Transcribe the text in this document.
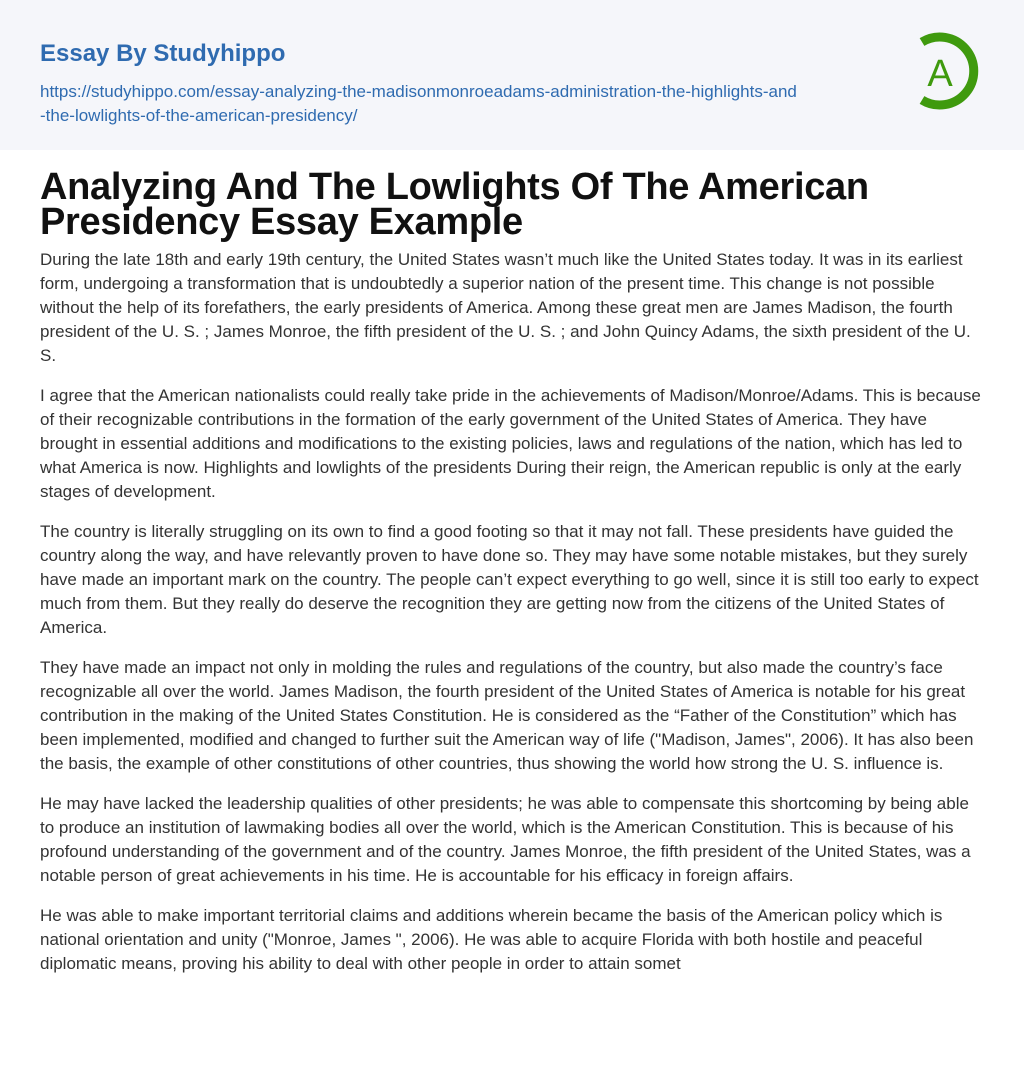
Essay By Studyhippo
https://studyhippo.com/essay-analyzing-the-madisonmonroeadams-administration-the-highlights-and-the-lowlights-of-the-american-presidency/
A
Analyzing And The Lowlights Of The American Presidency Essay Example

During the late 18th and early 19th century, the United States wasn’t much like the United States today. It was in its earliest form, undergoing a transformation that is undoubtedly a superior nation of the present time. This change is not possible without the help of its forefathers, the early presidents of America. Among these great men are James Madison, the fourth president of the U. S. ; James Monroe, the fifth president of the U. S. ; and John Quincy Adams, the sixth president of the U. S.

I agree that the American nationalists could really take pride in the achievements of Madison/Monroe/Adams. This is because of their recognizable contributions in the formation of the early government of the United States of America. They have brought in essential additions and modifications to the existing policies, laws and regulations of the nation, which has led to what America is now. Highlights and lowlights of the presidents During their reign, the American republic is only at the early stages of development.

The country is literally struggling on its own to find a good footing so that it may not fall. These presidents have guided the country along the way, and have relevantly proven to have done so. They may have some notable mistakes, but they surely have made an important mark on the country. The people can’t expect everything to go well, since it is still too early to expect much from them. But they really do deserve the recognition they are getting now from the citizens of the United States of America.

They have made an impact not only in molding the rules and regulations of the country, but also made the country’s face recognizable all over the world. James Madison, the fourth president of the United States of America is notable for his great contribution in the making of the United States Constitution. He is considered as the “Father of the Constitution” which has been implemented, modified and changed to further suit the American way of life ("Madison, James", 2006). It has also been the basis, the example of other constitutions of other countries, thus showing the world how strong the U. S. influence is.

He may have lacked the leadership qualities of other presidents; he was able to compensate this shortcoming by being able to produce an institution of lawmaking bodies all over the world, which is the American Constitution. This is because of his profound understanding of the government and of the country. James Monroe, the fifth president of the United States, was a notable person of great achievements in his time. He is accountable for his efficacy in foreign affairs.

He was able to make important territorial claims and additions wherein became the basis of the American policy which is national orientation and unity ("Monroe, James ", 2006). He was able to acquire Florida with both hostile and peaceful diplomatic means, proving his ability to deal with other people in order to attain somet
